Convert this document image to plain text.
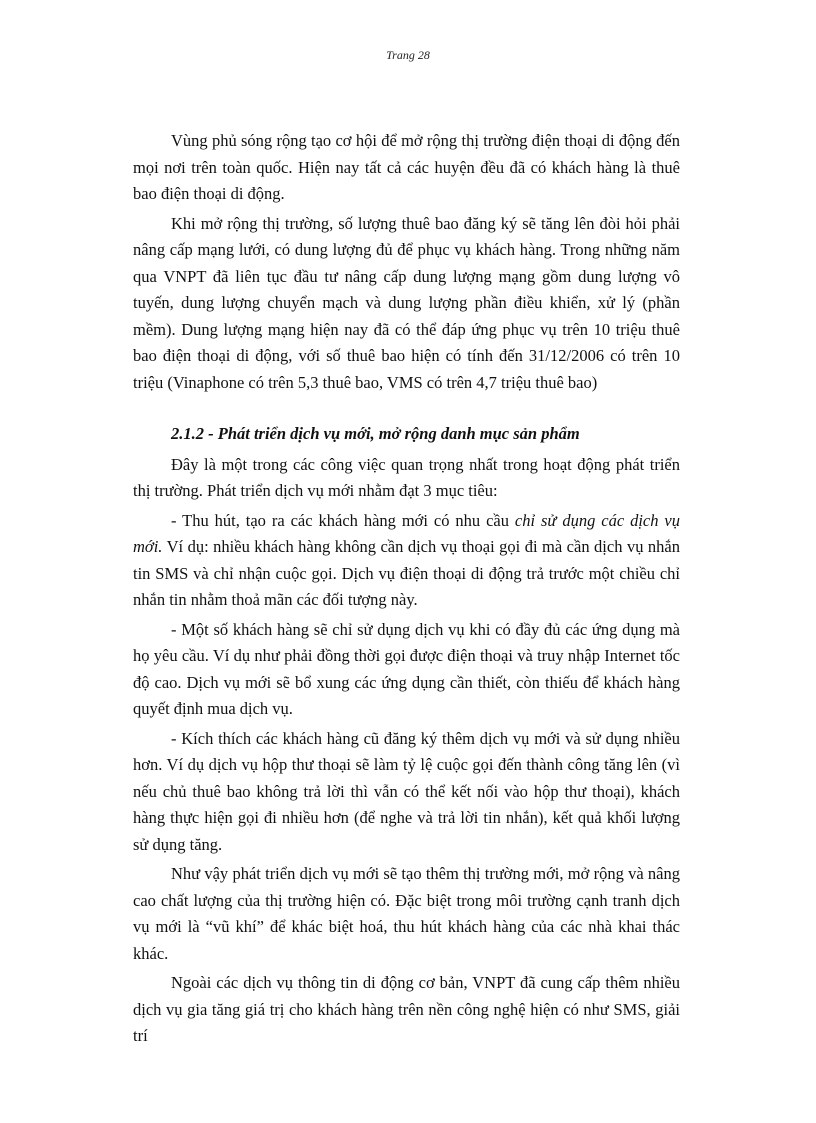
Trang 28

Vùng phủ sóng rộng tạo cơ hội để mở rộng thị trường điện thoại di động đến mọi nơi trên toàn quốc. Hiện nay tất cả các huyện đều đã có khách hàng là thuê bao điện thoại di động.

Khi mở rộng thị trường, số lượng thuê bao đăng ký sẽ tăng lên đòi hỏi phải nâng cấp mạng lưới, có dung lượng đủ để phục vụ khách hàng. Trong những năm qua VNPT đã liên tục đầu tư nâng cấp dung lượng mạng gồm dung lượng vô tuyến, dung lượng chuyển mạch và dung lượng phần điều khiển, xử lý (phần mềm). Dung lượng mạng hiện nay đã có thể đáp ứng phục vụ trên 10 triệu thuê bao điện thoại di động, với số thuê bao hiện có tính đến 31/12/2006 có trên 10 triệu (Vinaphone có trên 5,3 thuê bao, VMS có trên 4,7 triệu thuê bao)

2.1.2 - Phát triển dịch vụ mới, mở rộng danh mục sản phẩm

Đây là một trong các công việc quan trọng nhất trong hoạt động phát triển thị trường. Phát triển dịch vụ mới nhằm đạt 3 mục tiêu:

- Thu hút, tạo ra các khách hàng mới có nhu cầu chỉ sử dụng các dịch vụ mới. Ví dụ: nhiều khách hàng không cần dịch vụ thoại gọi đi mà cần dịch vụ nhắn tin SMS và chỉ nhận cuộc gọi. Dịch vụ điện thoại di động trả trước một chiều chỉ nhắn tin nhằm thoả mãn các đối tượng này.

- Một số khách hàng sẽ chỉ sử dụng dịch vụ khi có đầy đủ các ứng dụng mà họ yêu cầu. Ví dụ như phải đồng thời gọi được điện thoại và truy nhập Internet tốc độ cao. Dịch vụ mới sẽ bổ xung các ứng dụng cần thiết, còn thiếu để khách hàng quyết định mua dịch vụ.

- Kích thích các khách hàng cũ đăng ký thêm dịch vụ mới và sử dụng nhiều hơn. Ví dụ dịch vụ hộp thư thoại sẽ làm tỷ lệ cuộc gọi đến thành công tăng lên (vì nếu chủ thuê bao không trả lời thì vẫn có thể kết nối vào hộp thư thoại), khách hàng thực hiện gọi đi nhiều hơn (để nghe và trả lời tin nhắn), kết quả khối lượng sử dụng tăng.

Như vậy phát triển dịch vụ mới sẽ tạo thêm thị trường mới, mở rộng và nâng cao chất lượng của thị trường hiện có. Đặc biệt trong môi trường cạnh tranh dịch vụ mới là “vũ khí” để khác biệt hoá, thu hút khách hàng của các nhà khai thác khác.

Ngoài các dịch vụ thông tin di động cơ bản, VNPT đã cung cấp thêm nhiều dịch vụ gia tăng giá trị cho khách hàng trên nền công nghệ hiện có như SMS, giải trí
